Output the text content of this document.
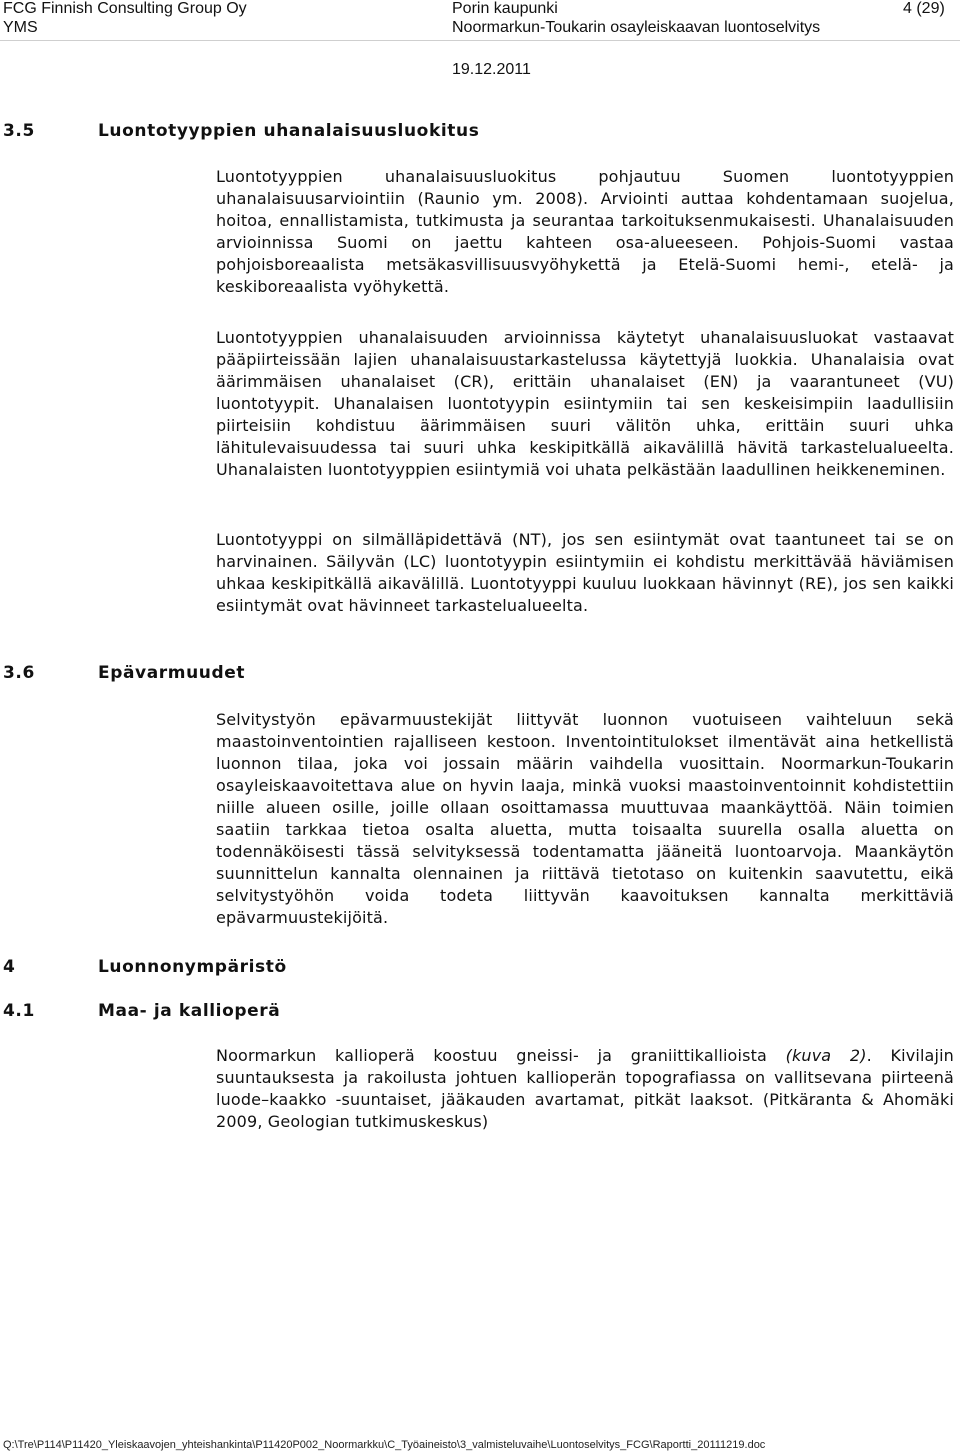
FCG Finnish Consulting Group Oy
YMS
Porin kaupunki
Noormarkun-Toukarin osayleiskaavan luontoselvitys
4 (29)
19.12.2011
3.5	Luontotyyppien uhanalaisuusluokitus
Luontotyyppien uhanalaisuusluokitus pohjautuu Suomen luontotyyppien uhanalaisuusarviointiin (Raunio ym. 2008). Arviointi auttaa kohdentamaan suojelua, hoitoa, ennallistamista, tutkimusta ja seurantaa tarkoituksenmukaisesti. Uhanalaisuuden arvioinnissa Suomi on jaettu kahteen osa-alueeseen. Pohjois-Suomi vastaa pohjoisboreaalista metsäkasvillisuusvyöhykettä ja Etelä-Suomi hemi-, etelä- ja keskiboreaalista vyöhykettä.
Luontotyyppien uhanalaisuuden arvioinnissa käytetyt uhanalaisuusluokat vastaavat pääpiirteissään lajien uhanalaisuustarkastelussa käytettyjä luokkia. Uhanalaisia ovat äärimmäisen uhanalaiset (CR), erittäin uhanalaiset (EN) ja vaarantuneet (VU) luontotyypit. Uhanalaisen luontotyypin esiintymiin tai sen keskeisimpiin laadullisiin piirteisiin kohdistuu äärimmäisen suuri välitön uhka, erittäin suuri uhka lähitulevaisuudessa tai suuri uhka keskipitkällä aikavälillä hävitä tarkastelualueelta. Uhanalaisten luontotyyppien esiintymiä voi uhata pelkästään laadullinen heikkeneminen.
Luontotyyppi on silmälläpidettävä (NT), jos sen esiintymät ovat taantuneet tai se on harvinainen. Säilyvän (LC) luontotyypin esiintymiin ei kohdistu merkittävää häviämisen uhkaa keskipitkällä aikavälillä. Luontotyyppi kuuluu luokkaan hävinnyt (RE), jos sen kaikki esiintymät ovat hävinneet tarkastelualueelta.
3.6	Epävarmuudet
Selvitystyön epävarmuustekijät liittyvät luonnon vuotuiseen vaihteluun sekä maastoinventointien rajalliseen kestoon. Inventointitulokset ilmentävät aina hetkellistä luonnon tilaa, joka voi jossain määrin vaihdella vuosittain. Noormarkun-Toukarin osayleiskaavoitettava alue on hyvin laaja, minkä vuoksi maastoinventoinnit kohdistettiin niille alueen osille, joille ollaan osoittamassa muuttuvaa maankäyttöä. Näin toimien saatiin tarkkaa tietoa osalta aluetta, mutta toisaalta suurella osalla aluetta on todennäköisesti tässä selvityksessä todentamatta jääneitä luontoarvoja. Maankäytön suunnittelun kannalta olennainen ja riittävä tietotaso on kuitenkin saavutettu, eikä selvitystyöhön voida todeta liittyvän kaavoituksen kannalta merkittäviä epävarmuustekijöitä.
4	Luonnonympäristö
4.1	Maa- ja kallioperä
Noormarkun kallioperä koostuu gneissi- ja graniittikallioista (kuva 2). Kivilajin suuntauksesta ja rakoilusta johtuen kallioperän topografiassa on vallitsevana piirteenä luode–kaakko -suuntaiset, jääkauden avartamat, pitkät laaksot. (Pitkäranta & Ahomäki 2009, Geologian tutkimuskeskus)
Q:\Tre\P114\P11420_Yleiskaavojen_yhteishankinta\P11420P002_Noormarkku\C_Työaineisto\3_valmisteluvaihe\Luontoselvitys_FCG\Raportti_20111219.doc
